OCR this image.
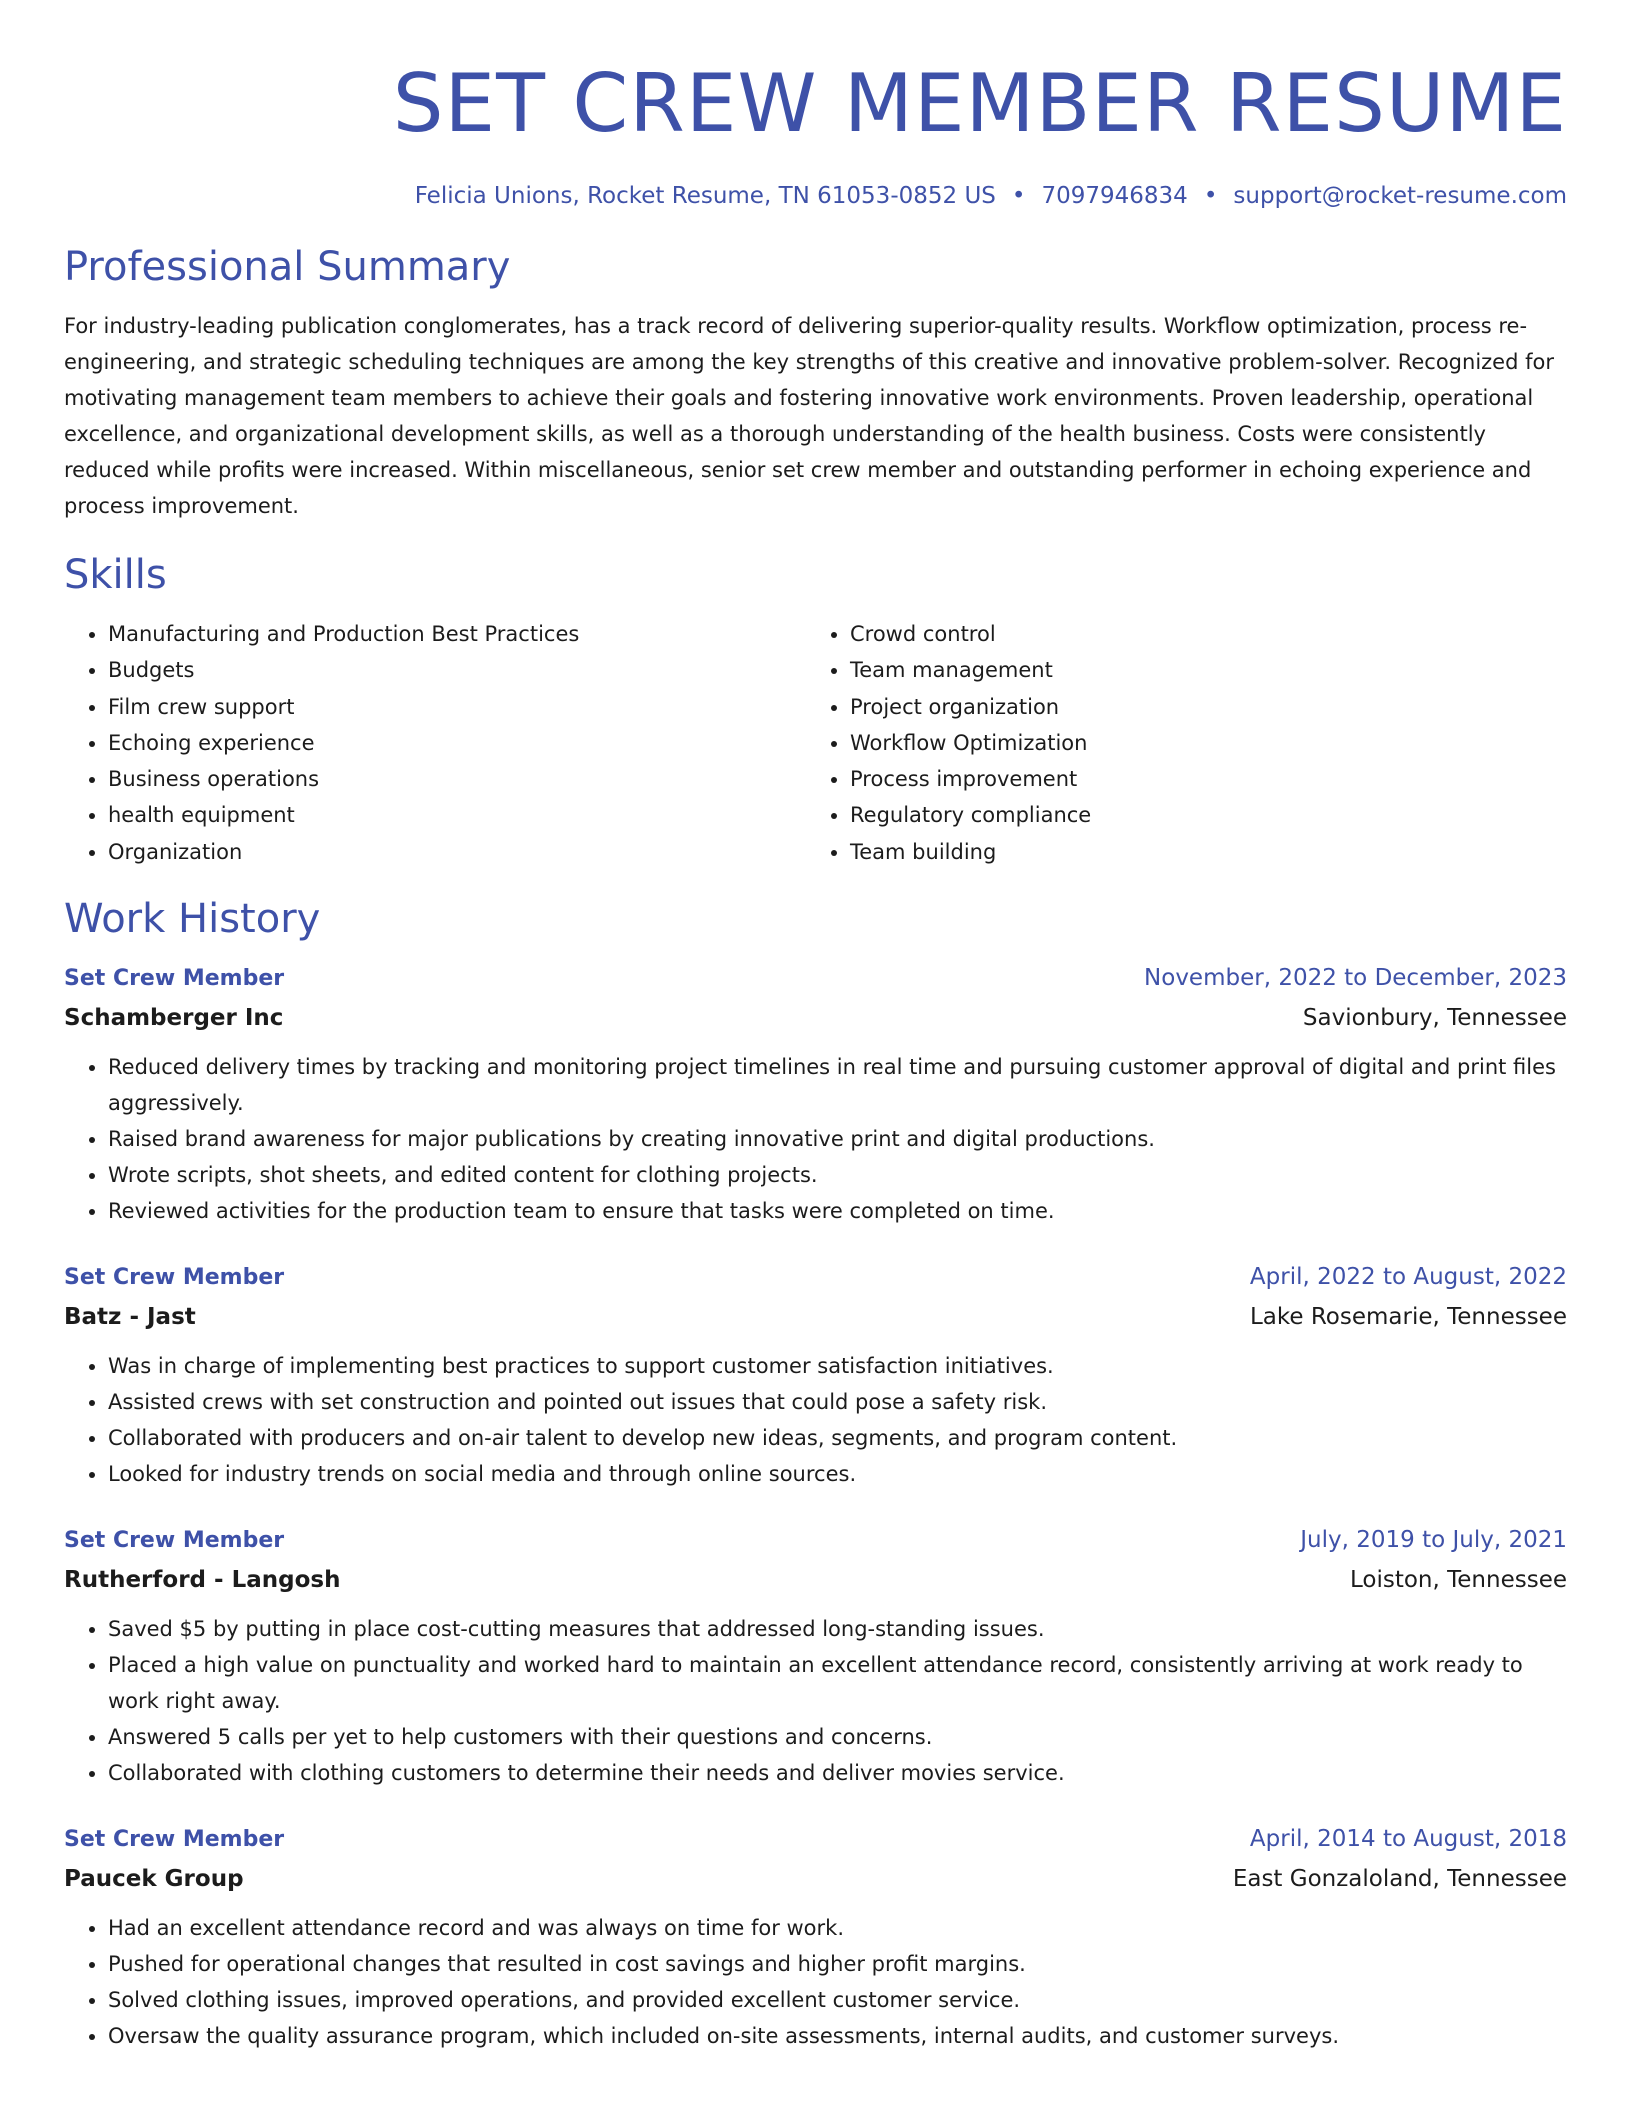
SET CREW MEMBER RESUME
Felicia Unions, Rocket Resume, TN 61053-0852 US • 7097946834 • support@rocket-resume.com
Professional Summary
For industry-leading publication conglomerates, has a track record of delivering superior-quality results. Workflow optimization, process re-engineering, and strategic scheduling techniques are among the key strengths of this creative and innovative problem-solver. Recognized for motivating management team members to achieve their goals and fostering innovative work environments. Proven leadership, operational excellence, and organizational development skills, as well as a thorough understanding of the health business. Costs were consistently reduced while profits were increased. Within miscellaneous, senior set crew member and outstanding performer in echoing experience and process improvement.
Skills
• Manufacturing and Production Best Practices
• Budgets
• Film crew support
• Echoing experience
• Business operations
• health equipment
• Organization
• Crowd control
• Team management
• Project organization
• Workflow Optimization
• Process improvement
• Regulatory compliance
• Team building
Work History
Set Crew Member	November, 2022 to December, 2023
Schamberger Inc	Savionbury, Tennessee
• Reduced delivery times by tracking and monitoring project timelines in real time and pursuing customer approval of digital and print files aggressively.
• Raised brand awareness for major publications by creating innovative print and digital productions.
• Wrote scripts, shot sheets, and edited content for clothing projects.
• Reviewed activities for the production team to ensure that tasks were completed on time.
Set Crew Member	April, 2022 to August, 2022
Batz - Jast	Lake Rosemarie, Tennessee
• Was in charge of implementing best practices to support customer satisfaction initiatives.
• Assisted crews with set construction and pointed out issues that could pose a safety risk.
• Collaborated with producers and on-air talent to develop new ideas, segments, and program content.
• Looked for industry trends on social media and through online sources.
Set Crew Member	July, 2019 to July, 2021
Rutherford - Langosh	Loiston, Tennessee
• Saved $5 by putting in place cost-cutting measures that addressed long-standing issues.
• Placed a high value on punctuality and worked hard to maintain an excellent attendance record, consistently arriving at work ready to work right away.
• Answered 5 calls per yet to help customers with their questions and concerns.
• Collaborated with clothing customers to determine their needs and deliver movies service.
Set Crew Member	April, 2014 to August, 2018
Paucek Group	East Gonzaloland, Tennessee
• Had an excellent attendance record and was always on time for work.
• Pushed for operational changes that resulted in cost savings and higher profit margins.
• Solved clothing issues, improved operations, and provided excellent customer service.
• Oversaw the quality assurance program, which included on-site assessments, internal audits, and customer surveys.
